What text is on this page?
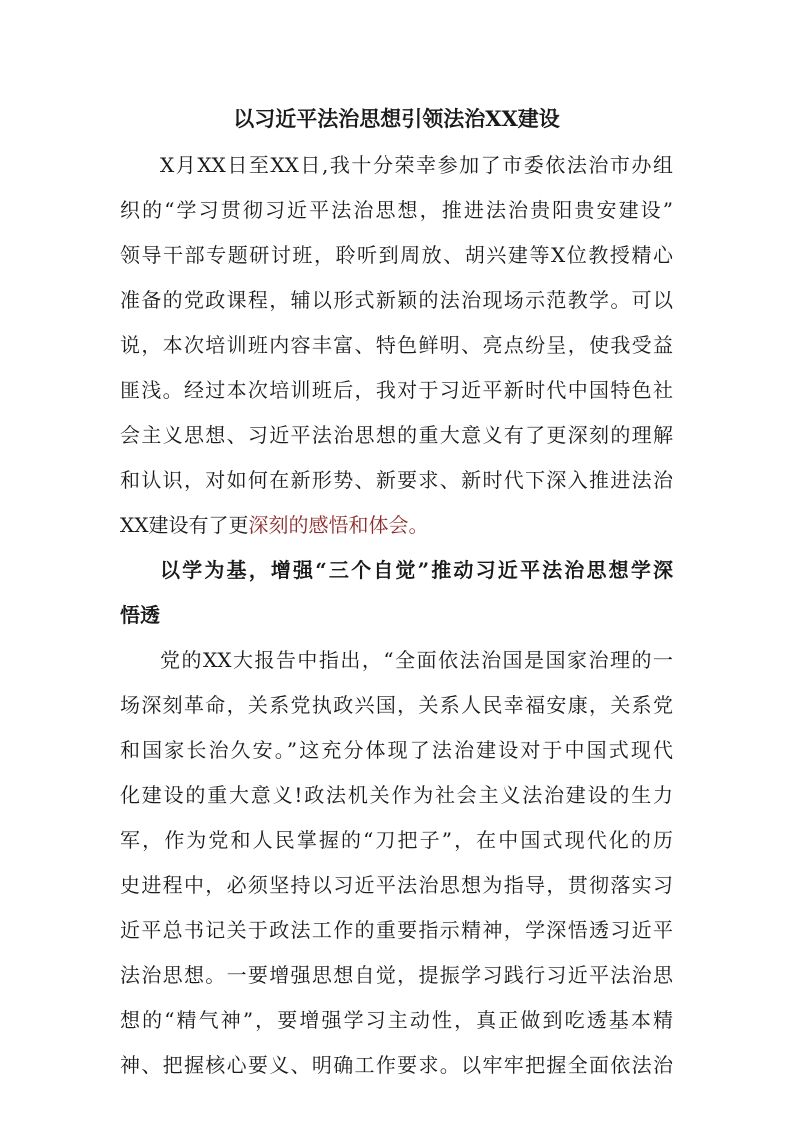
以习近平法治思想引领法治XX建设
X月XX日至XX日,我十分荣幸参加了市委依法治市办组
织的“学习贯彻习近平法治思想，推进法治贵阳贵安建设”
领导干部专题研讨班，聆听到周放、胡兴建等X位教授精心
准备的党政课程，辅以形式新颖的法治现场示范教学。可以
说，本次培训班内容丰富、特色鲜明、亮点纷呈，使我受益
匪浅。经过本次培训班后，我对于习近平新时代中国特色社
会主义思想、习近平法治思想的重大意义有了更深刻的理解
和认识，对如何在新形势、新要求、新时代下深入推进法治
XX建设有了更深刻的感悟和体会。
以学为基，增强“三个自觉”推动习近平法治思想学深
悟透
党的XX大报告中指出，“全面依法治国是国家治理的一
场深刻革命，关系党执政兴国，关系人民幸福安康，关系党
和国家长治久安。”这充分体现了法治建设对于中国式现代
化建设的重大意义!政法机关作为社会主义法治建设的生力
军，作为党和人民掌握的“刀把子”，在中国式现代化的历
史进程中，必须坚持以习近平法治思想为指导，贯彻落实习
近平总书记关于政法工作的重要指示精神，学深悟透习近平
法治思想。一要增强思想自觉，提振学习践行习近平法治思
想的“精气神”，要增强学习主动性，真正做到吃透基本精
神、把握核心要义、明确工作要求。以牢牢把握全面依法治
